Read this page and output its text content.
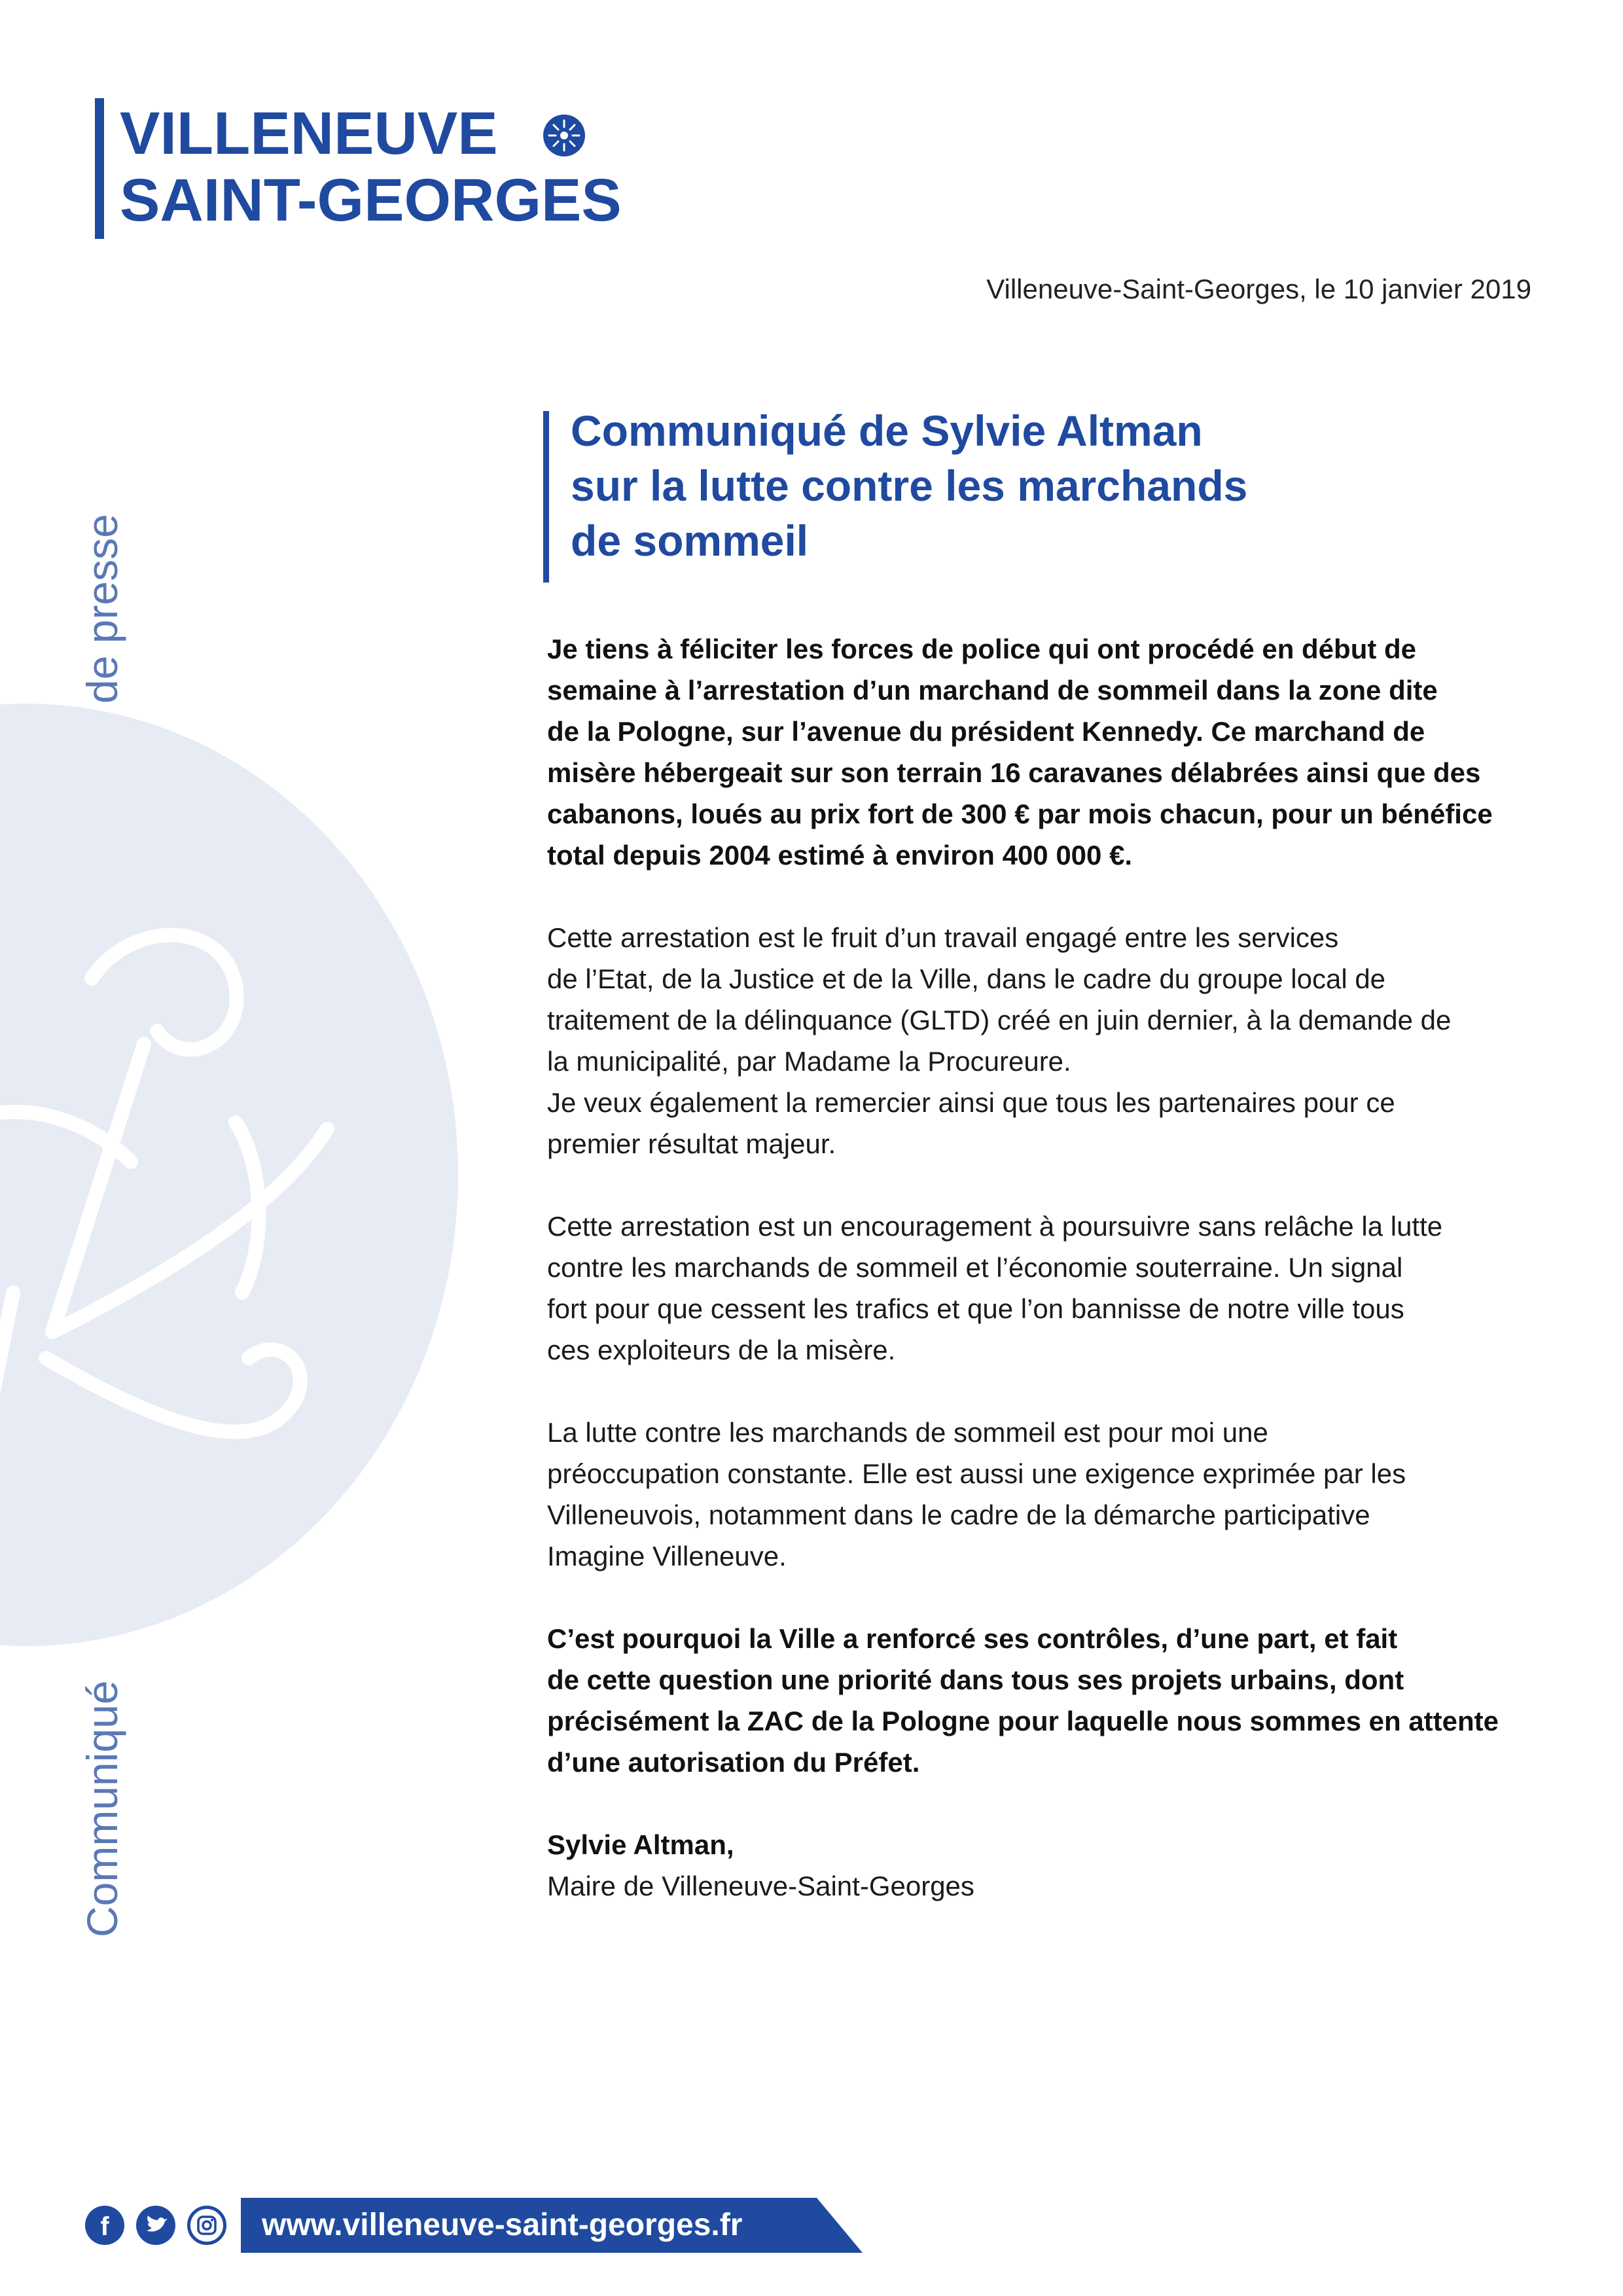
VILLENEUVE
SAINT-GEORGES
Villeneuve-Saint-Georges, le 10 janvier 2019
de presse
Communiqué
Communiqué de Sylvie Altman
sur la lutte contre les marchands
de sommeil

Je tiens à féliciter les forces de police qui ont procédé en début de
semaine à l’arrestation d’un marchand de sommeil dans la zone dite
de la Pologne, sur l’avenue du président Kennedy. Ce marchand de
misère hébergeait sur son terrain 16 caravanes délabrées ainsi que des
cabanons, loués au prix fort de 300 € par mois chacun, pour un bénéfice
total depuis 2004 estimé à environ 400 000 €.

Cette arrestation est le fruit d’un travail engagé entre les services
de l’Etat, de la Justice et de la Ville, dans le cadre du groupe local de
traitement de la délinquance (GLTD) créé en juin dernier, à la demande de
la municipalité, par Madame la Procureure.
Je veux également la remercier ainsi que tous les partenaires pour ce
premier résultat majeur.

Cette arrestation est un encouragement à poursuivre sans relâche la lutte
contre les marchands de sommeil et l’économie souterraine. Un signal
fort pour que cessent les trafics et que l’on bannisse de notre ville tous
ces exploiteurs de la misère.

La lutte contre les marchands de sommeil est pour moi une
préoccupation constante. Elle est aussi une exigence exprimée par les
Villeneuvois, notamment dans le cadre de la démarche participative
Imagine Villeneuve.

C’est pourquoi la Ville a renforcé ses contrôles, d’une part, et fait
de cette question une priorité dans tous ses projets urbains, dont
précisément la ZAC de la Pologne pour laquelle nous sommes en attente
d’une autorisation du Préfet.

Sylvie Altman,
Maire de Villeneuve-Saint-Georges

f	www.villeneuve-saint-georges.fr
